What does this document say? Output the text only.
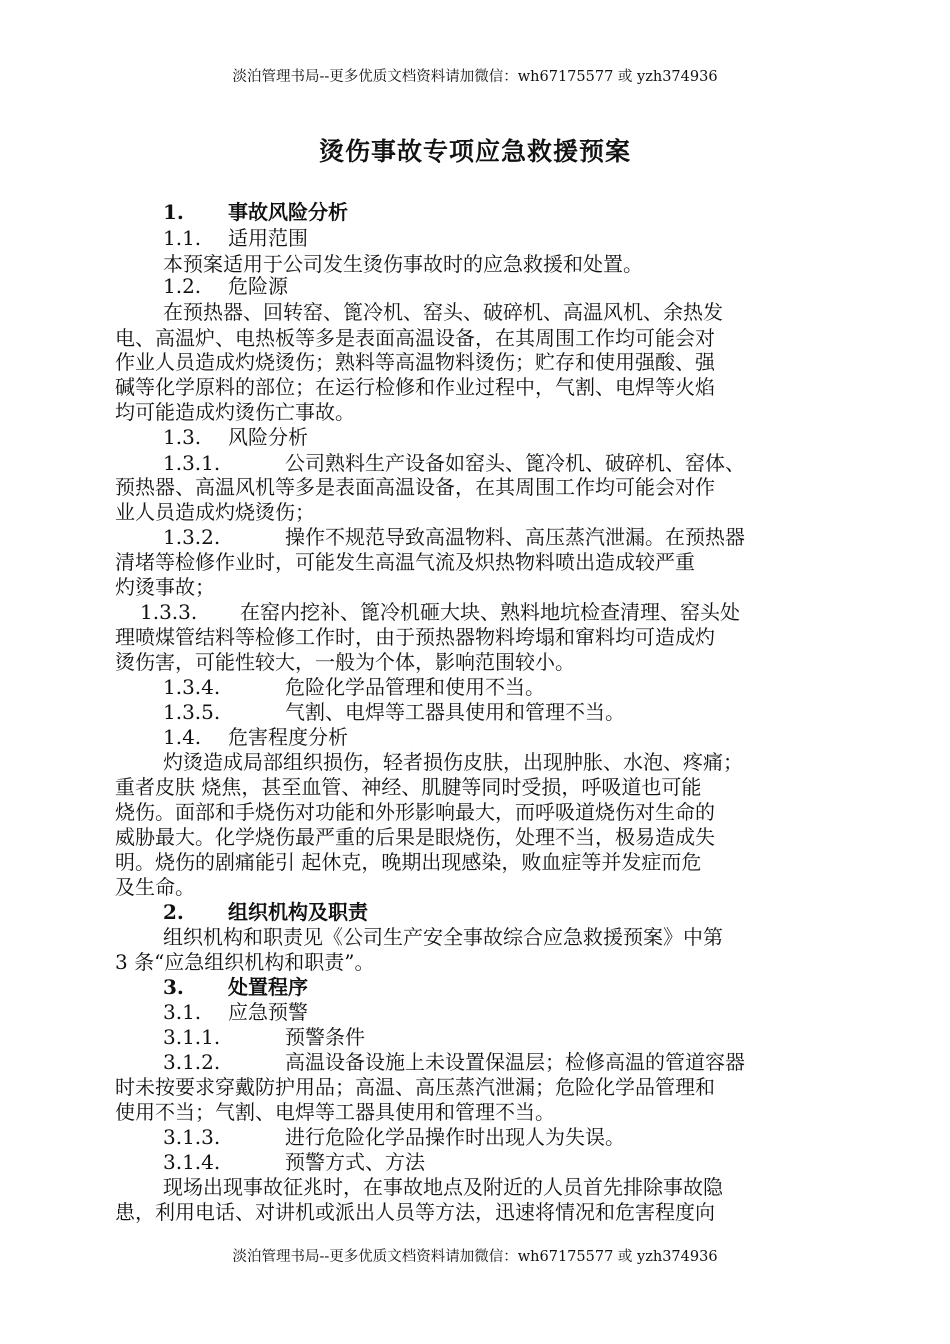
淡泊管理书局--更多优质文档资料请加微信：wh67175577 或 yzh374936
烫伤事故专项应急救援预案
1. 事故风险分析
1.1. 适用范围
本预案适用于公司发生烫伤事故时的应急救援和处置。
1.2. 危险源
在预热器、回转窑、篦冷机、窑头、破碎机、高温风机、余热发
电、高温炉、电热板等多是表面高温设备，在其周围工作均可能会对
作业人员造成灼烧烫伤；熟料等高温物料烫伤；贮存和使用强酸、强
碱等化学原料的部位；在运行检修和作业过程中，气割、电焊等火焰
均可能造成灼烫伤亡事故。
1.3. 风险分析
1.3.1.	公司熟料生产设备如窑头、篦冷机、破碎机、窑体、
预热器、高温风机等多是表面高温设备，在其周围工作均可能会对作
业人员造成灼烧烫伤；
1.3.2.	操作不规范导致高温物料、高压蒸汽泄漏。在预热器
清堵等检修作业时，可能发生高温气流及炽热物料喷出造成较严重
灼烫事故；
1.3.3. 在窑内挖补、篦冷机砸大块、熟料地坑检查清理、窑头处
理喷煤管结料等检修工作时，由于预热器物料垮塌和窜料均可造成灼
烫伤害，可能性较大，一般为个体，影响范围较小。
1.3.4.	危险化学品管理和使用不当。
1.3.5.	气割、电焊等工器具使用和管理不当。
1.4. 危害程度分析
灼烫造成局部组织损伤，轻者损伤皮肤，出现肿胀、水泡、疼痛；
重者皮肤 烧焦，甚至血管、神经、肌腱等同时受损，呼吸道也可能
烧伤。面部和手烧伤对功能和外形影响最大，而呼吸道烧伤对生命的
威胁最大。化学烧伤最严重的后果是眼烧伤，处理不当，极易造成失
明。烧伤的剧痛能引 起休克，晚期出现感染，败血症等并发症而危
及生命。
2. 组织机构及职责
组织机构和职责见《公司生产安全事故综合应急救援预案》中第
3 条“应急组织机构和职责”。
3. 处置程序
3.1. 应急预警
3.1.1.	预警条件
3.1.2.	高温设备设施上未设置保温层；检修高温的管道容器
时未按要求穿戴防护用品；高温、高压蒸汽泄漏；危险化学品管理和
使用不当；气割、电焊等工器具使用和管理不当。
3.1.3.	进行危险化学品操作时出现人为失误。
3.1.4.	预警方式、方法
现场出现事故征兆时，在事故地点及附近的人员首先排除事故隐
患，利用电话、对讲机或派出人员等方法，迅速将情况和危害程度向
淡泊管理书局--更多优质文档资料请加微信：wh67175577 或 yzh374936
